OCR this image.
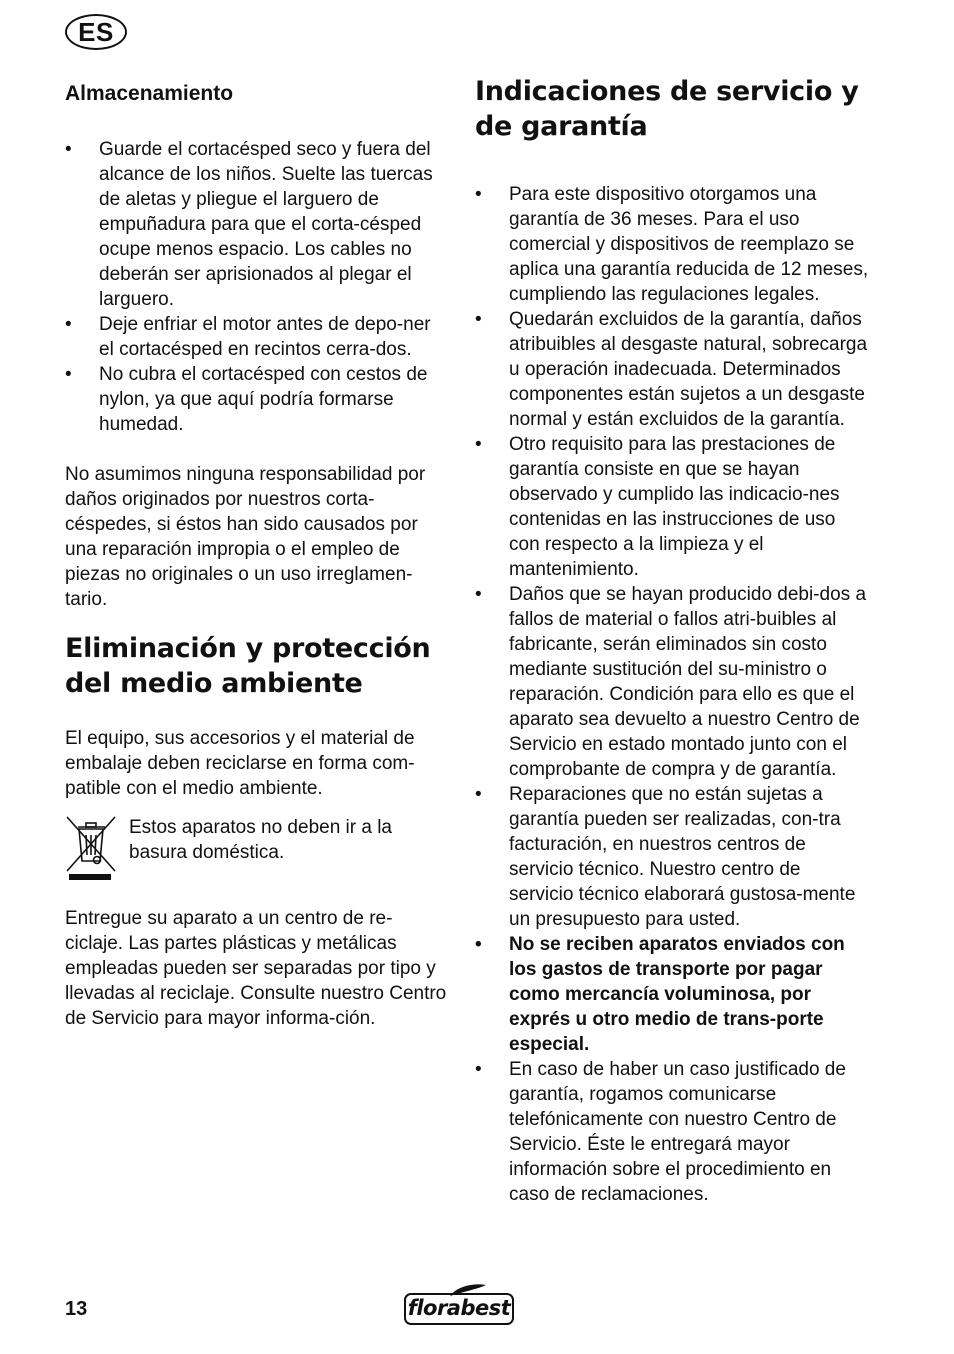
ES
Almacenamiento
• Guarde el cortacésped seco y fuera del alcance de los niños. Suelte las tuercas de aletas y pliegue el larguero de empuñadura para que el corta-césped ocupe menos espacio. Los cables no deberán ser aprisionados al plegar el larguero.
• Deje enfriar el motor antes de depo-ner el cortacésped en recintos cerra-dos.
• No cubra el cortacésped con cestos de nylon, ya que aquí podría formarse humedad.

No asumimos ninguna responsabilidad por daños originados por nuestros corta-céspedes, si éstos han sido causados por una reparación impropia o el empleo de piezas no originales o un uso irreglamen-tario.

Eliminación y protección del medio ambiente

El equipo, sus accesorios y el material de embalaje deben reciclarse en forma com-patible con el medio ambiente.

Estos aparatos no deben ir a la basura doméstica.

Entregue su aparato a un centro de re-ciclaje. Las partes plásticas y metálicas empleadas pueden ser separadas por tipo y llevadas al reciclaje. Consulte nuestro Centro de Servicio para mayor informa-ción.

Indicaciones de servicio y de garantía
• Para este dispositivo otorgamos una garantía de 36 meses. Para el uso comercial y dispositivos de reemplazo se aplica una garantía reducida de 12 meses, cumpliendo las regulaciones legales.
• Quedarán excluidos de la garantía, daños atribuibles al desgaste natural, sobrecarga u operación inadecuada. Determinados componentes están sujetos a un desgaste normal y están excluidos de la garantía.
• Otro requisito para las prestaciones de garantía consiste en que se hayan observado y cumplido las indicacio-nes contenidas en las instrucciones de uso con respecto a la limpieza y el mantenimiento.
• Daños que se hayan producido debi-dos a fallos de material o fallos atri-buibles al fabricante, serán eliminados sin costo mediante sustitución del su-ministro o reparación. Condición para ello es que el aparato sea devuelto a nuestro Centro de Servicio en estado montado junto con el comprobante de compra y de garantía.
• Reparaciones que no están sujetas a garantía pueden ser realizadas, con-tra facturación, en nuestros centros de servicio técnico. Nuestro centro de servicio técnico elaborará gustosa-mente un presupuesto para usted.
• No se reciben aparatos enviados con los gastos de transporte por pagar como mercancía voluminosa, por exprés u otro medio de trans-porte especial.
• En caso de haber un caso justificado de garantía, rogamos comunicarse telefónicamente con nuestro Centro de Servicio. Éste le entregará mayor información sobre el procedimiento en caso de reclamaciones.
13	florabest
